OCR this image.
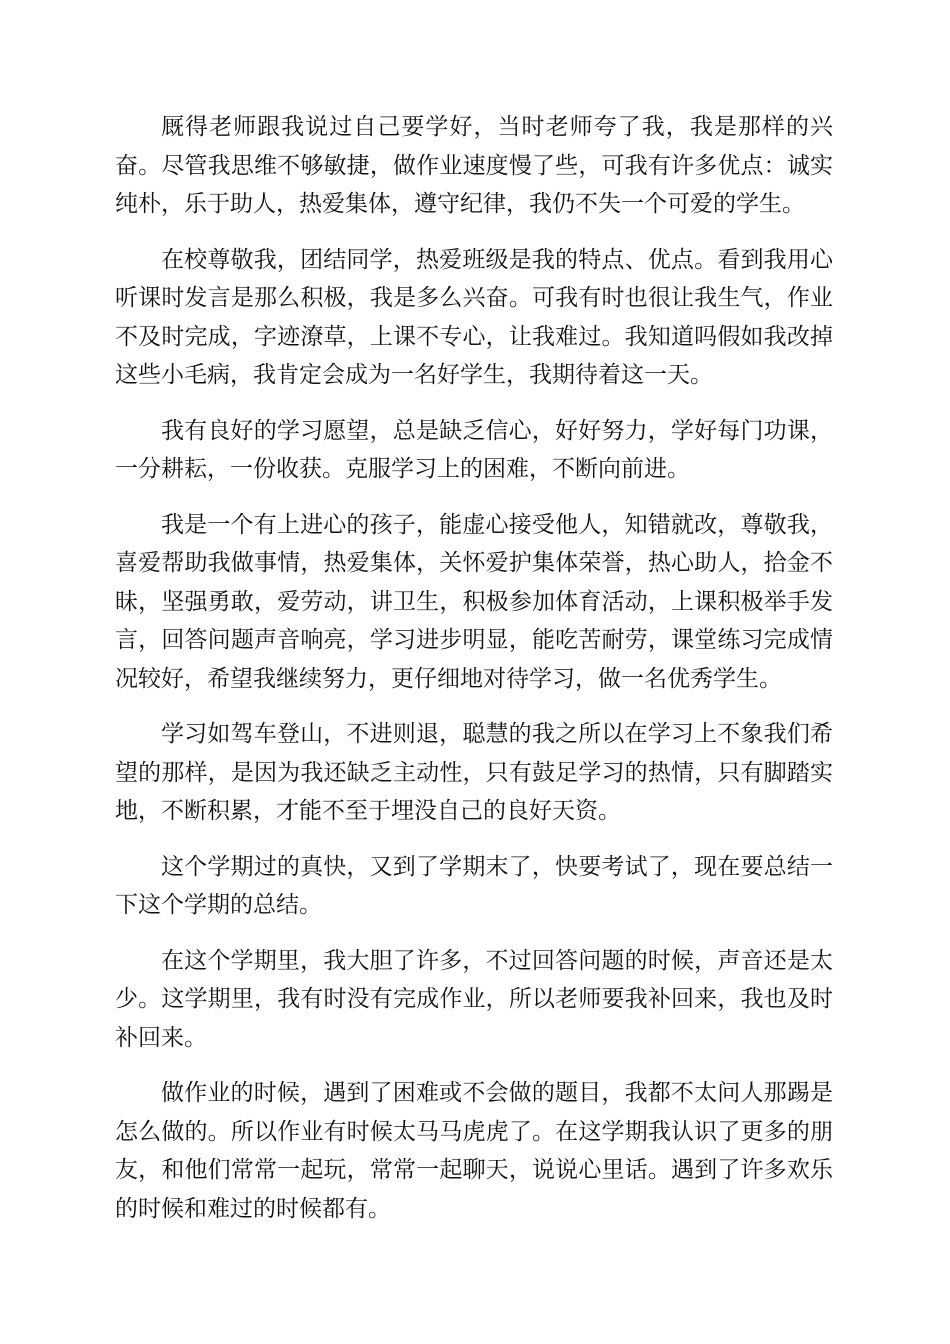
厩得老师跟我说过自己要学好，当时老师夸了我，我是那样的兴奋。尽管我思维不够敏捷，做作业速度慢了些，可我有许多优点：诚实纯朴，乐于助人，热爱集体，遵守纪律，我仍不失一个可爱的学生。

在校尊敬我，团结同学，热爱班级是我的特点、优点。看到我用心听课时发言是那么积极，我是多么兴奋。可我有时也很让我生气，作业不及时完成，字迹潦草，上课不专心，让我难过。我知道吗假如我改掉这些小毛病，我肯定会成为一名好学生，我期待着这一天。

我有良好的学习愿望，总是缺乏信心，好好努力，学好每门功课，一分耕耘，一份收获。克服学习上的困难，不断向前进。

我是一个有上进心的孩子，能虚心接受他人，知错就改，尊敬我，喜爱帮助我做事情，热爱集体，关怀爱护集体荣誉，热心助人，拾金不昧，坚强勇敢，爱劳动，讲卫生，积极参加体育活动，上课积极举手发言，回答问题声音响亮，学习进步明显，能吃苦耐劳，课堂练习完成情况较好，希望我继续努力，更仔细地对待学习，做一名优秀学生。

学习如驾车登山，不进则退，聪慧的我之所以在学习上不象我们希望的那样，是因为我还缺乏主动性，只有鼓足学习的热情，只有脚踏实地，不断积累，才能不至于埋没自己的良好天资。

这个学期过的真快，又到了学期末了，快要考试了，现在要总结一下这个学期的总结。

在这个学期里，我大胆了许多，不过回答问题的时候，声音还是太少。这学期里，我有时没有完成作业，所以老师要我补回来，我也及时补回来。

做作业的时候，遇到了困难或不会做的题目，我都不太问人那踢是怎么做的。所以作业有时候太马马虎虎了。在这学期我认识了更多的朋友，和他们常常一起玩，常常一起聊天，说说心里话。遇到了许多欢乐的时候和难过的时候都有。
